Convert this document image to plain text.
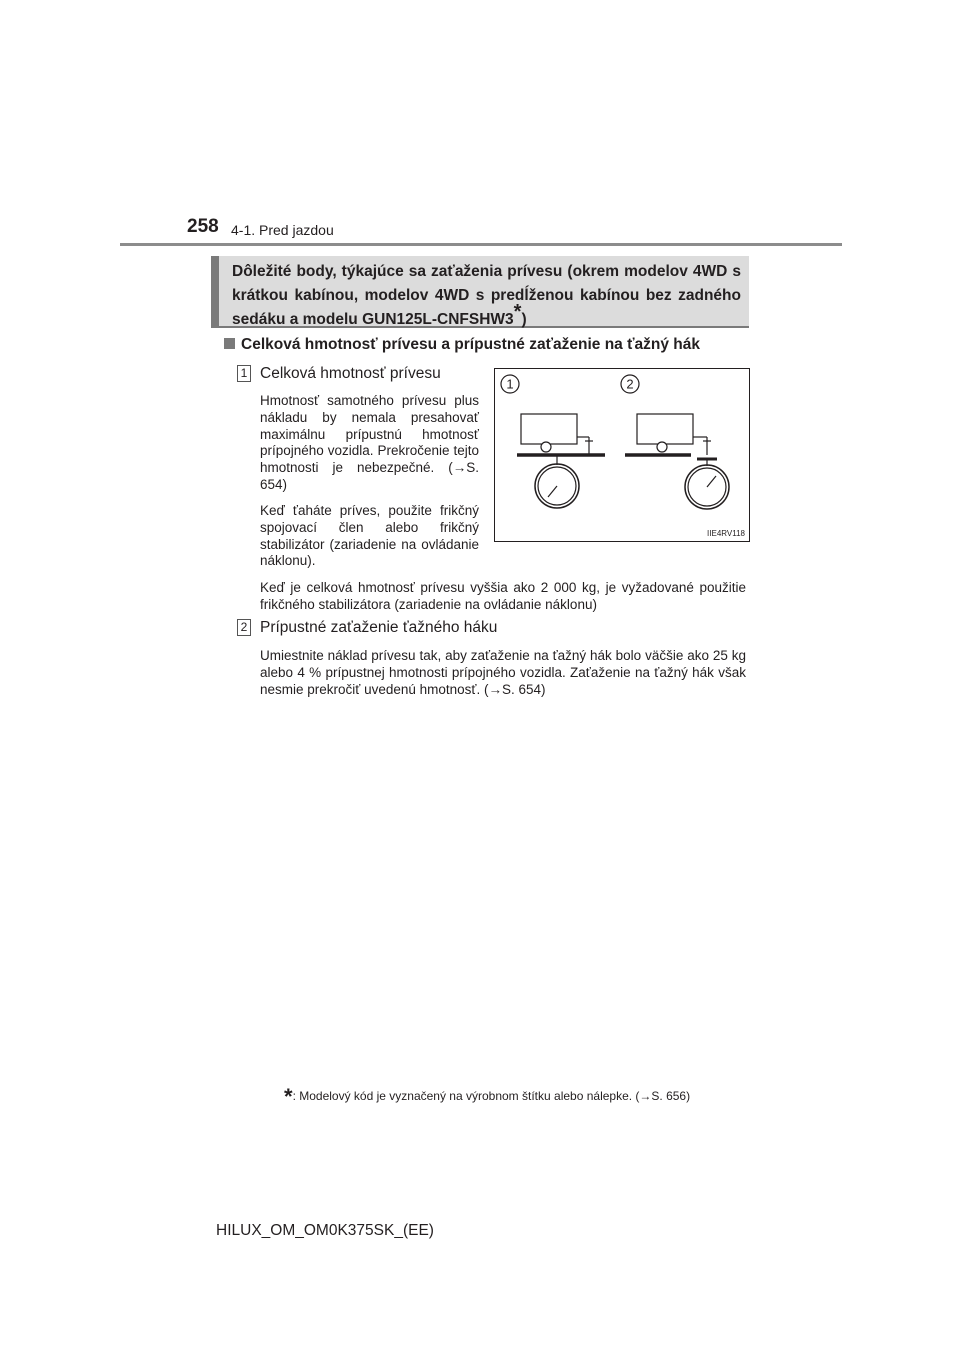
258 4-1. Pred jazdou
Dôležité body, týkajúce sa zaťaženia prívesu (okrem modelov 4WD s krátkou kabínou, modelov 4WD s predĺženou kabínou bez zadného sedáku a modelu GUN125L-CNFSHW3*)
Celková hmotnosť prívesu a prípustné zaťaženie na ťažný hák
1 Celková hmotnosť prívesu
Hmotnosť samotného prívesu plus nákladu by nemala presahovať maximálnu prípustnú hmotnosť prípojného vozidla. Prekročenie tejto hmotnosti je nebezpečné. (→S. 654)
Keď ťaháte príves, použite frikčný spojovací člen alebo frikčný stabilizátor (zariadenie na ovládanie náklonu).
Keď je celková hmotnosť prívesu vyššia ako 2 000 kg, je vyžadované použitie frikčného stabilizátora (zariadenie na ovládanie náklonu)
1	2
IIE4RV118
2 Prípustné zaťaženie ťažného háku
Umiestnite náklad prívesu tak, aby zaťaženie na ťažný hák bolo väčšie ako 25 kg alebo 4 % prípustnej hmotnosti prípojného vozidla. Zaťaženie na ťažný hák však nesmie prekročiť uvedenú hmotnosť. (→S. 654)
*: Modelový kód je vyznačený na výrobnom štítku alebo nálepke. (→S. 656)
HILUX_OM_OM0K375SK_(EE)
